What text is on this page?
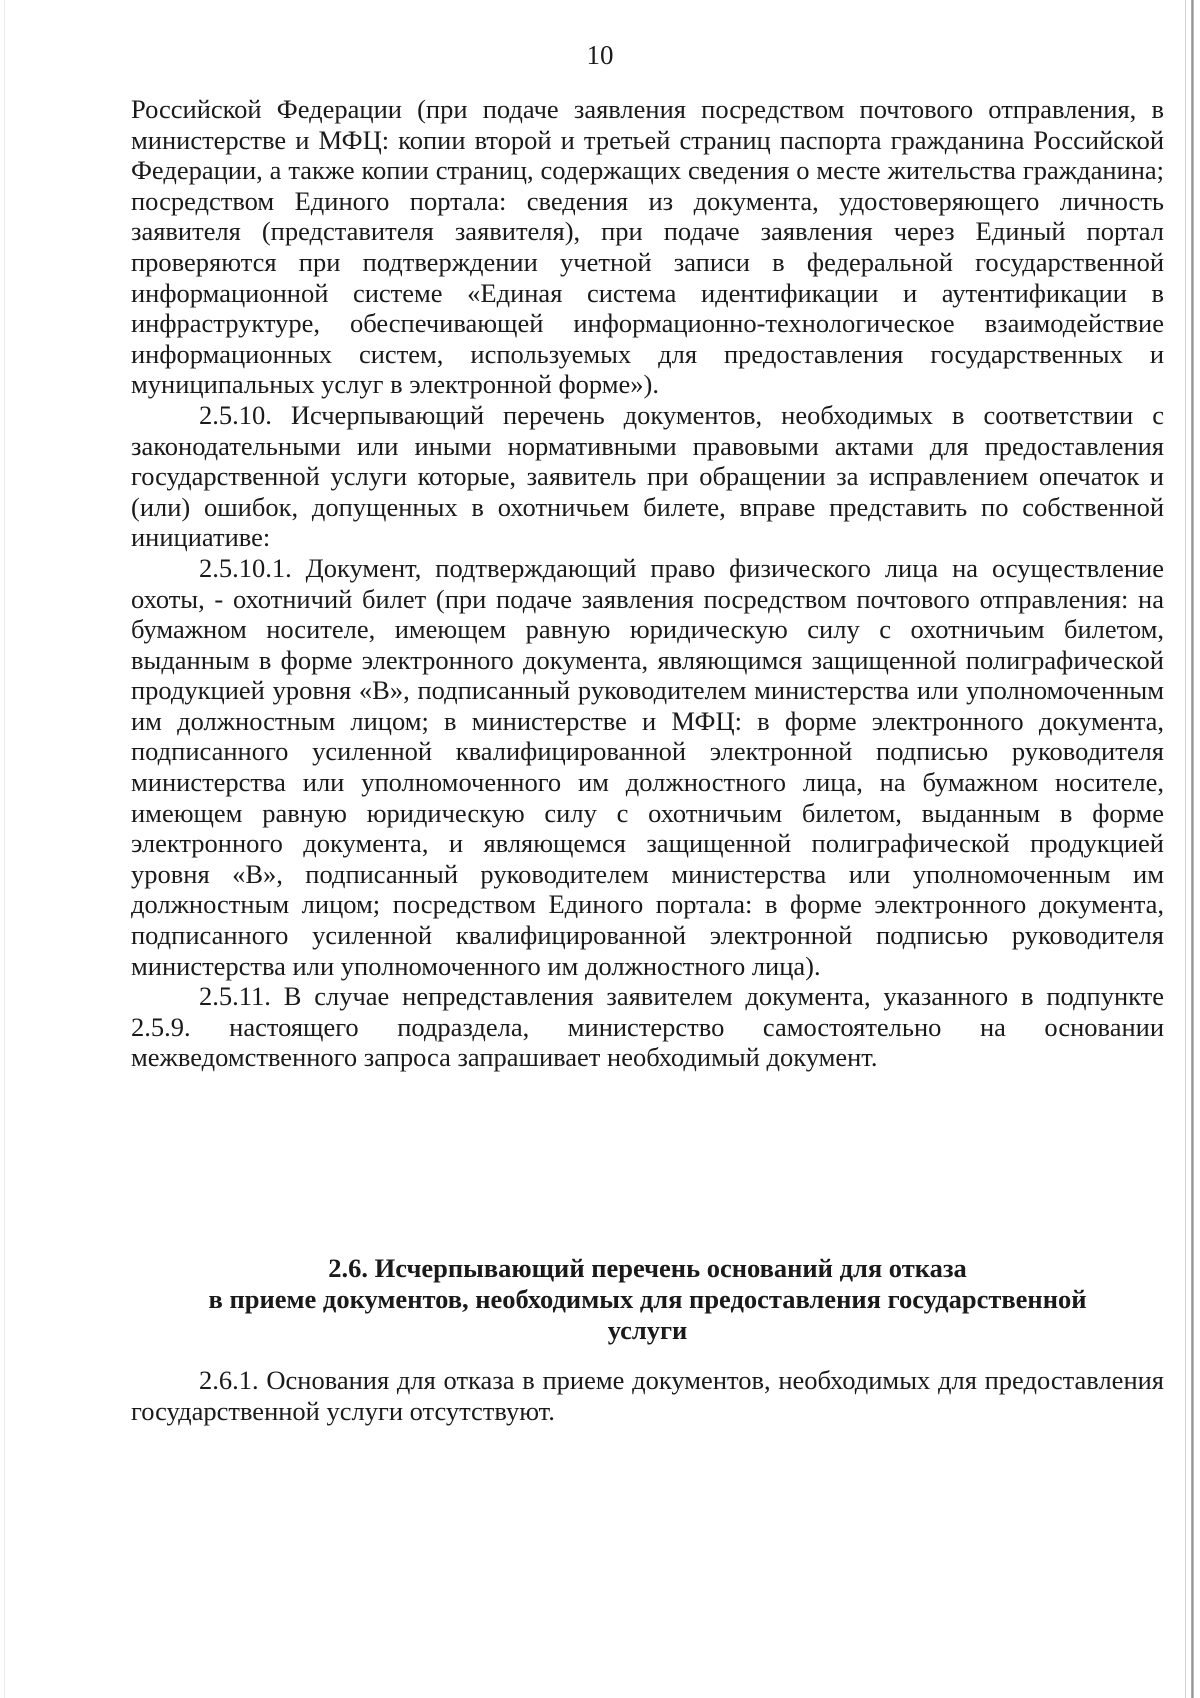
10

Российской Федерации (при подаче заявления посредством почтового отправления, в министерстве и МФЦ: копии второй и третьей страниц паспорта гражданина Российской Федерации, а также копии страниц, содержащих сведения о месте жительства гражданина; посредством Единого портала: сведения из документа, удостоверяющего личность заявителя (представителя заявителя), при подаче заявления через Единый портал проверяются при подтверждении учетной записи в федеральной государственной информационной системе «Единая система идентификации и аутентификации в инфраструктуре, обеспечивающей информационно-технологическое взаимодействие информационных систем, используемых для предоставления государственных и муниципальных услуг в электронной форме»).

2.5.10. Исчерпывающий перечень документов, необходимых в соответствии с законодательными или иными нормативными правовыми актами для предоставления государственной услуги которые, заявитель при обращении за исправлением опечаток и (или) ошибок, допущенных в охотничьем билете, вправе представить по собственной инициативе:

2.5.10.1. Документ, подтверждающий право физического лица на осуществление охоты, - охотничий билет (при подаче заявления посредством почтового отправления: на бумажном носителе, имеющем равную юридическую силу с охотничьим билетом, выданным в форме электронного документа, являющимся защищенной полиграфической продукцией уровня «В», подписанный руководителем министерства или уполномоченным им должностным лицом; в министерстве и МФЦ: в форме электронного документа, подписанного усиленной квалифицированной электронной подписью руководителя министерства или уполномоченного им должностного лица, на бумажном носителе, имеющем равную юридическую силу с охотничьим билетом, выданным в форме электронного документа, и являющемся защищенной полиграфической продукцией уровня «В», подписанный руководителем министерства или уполномоченным им должностным лицом; посредством Единого портала: в форме электронного документа, подписанного усиленной квалифицированной электронной подписью руководителя министерства или уполномоченного им должностного лица).

2.5.11. В случае непредставления заявителем документа, указанного в подпункте 2.5.9. настоящего подраздела, министерство самостоятельно на основании межведомственного запроса запрашивает необходимый документ.

2.6. Исчерпывающий перечень оснований для отказа
в приеме документов, необходимых для предоставления государственной
услуги

2.6.1. Основания для отказа в приеме документов, необходимых для предоставления государственной услуги отсутствуют.
